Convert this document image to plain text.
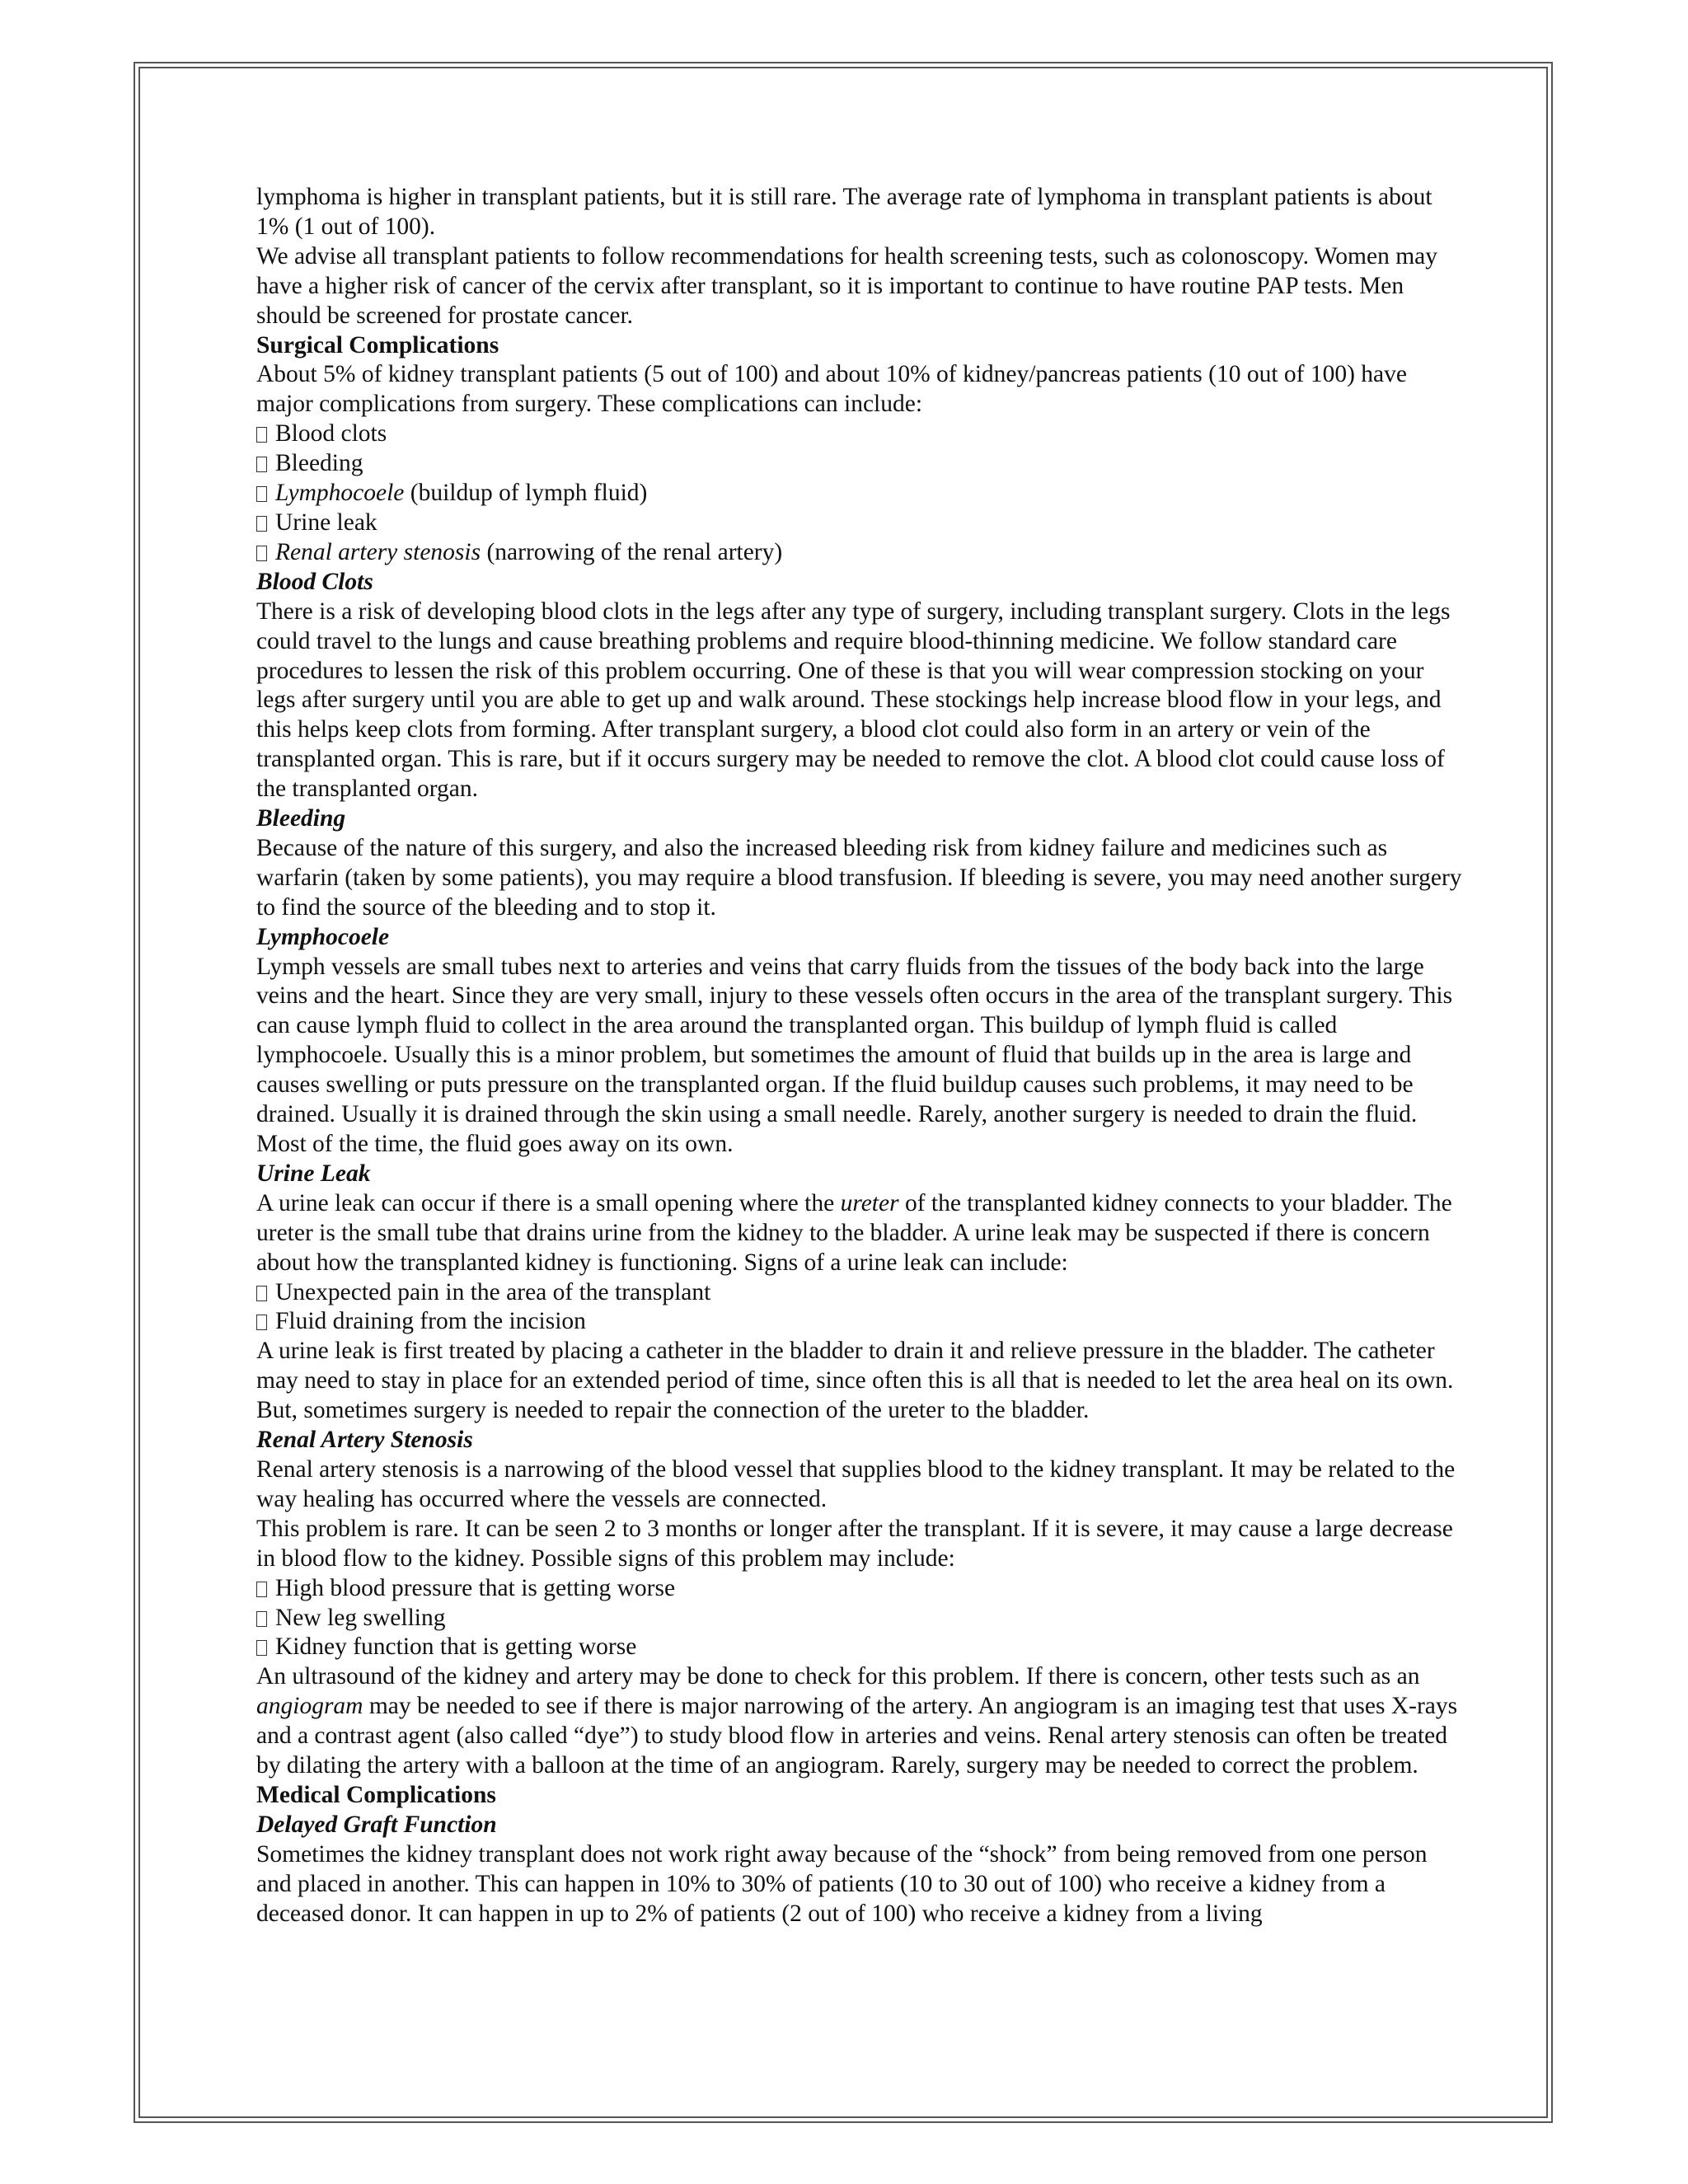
lymphoma is higher in transplant patients, but it is still rare. The average rate of lymphoma in transplant patients is about 1% (1 out of 100).

We advise all transplant patients to follow recommendations for health screening tests, such as colonoscopy. Women may have a higher risk of cancer of the cervix after transplant, so it is important to continue to have routine PAP tests. Men should be screened for prostate cancer.

Surgical Complications

About 5% of kidney transplant patients (5 out of 100) and about 10% of kidney/pancreas patients (10 out of 100) have major complications from surgery. These complications can include:

Blood clots

Bleeding

Lymphocoele (buildup of lymph fluid)

Urine leak

Renal artery stenosis (narrowing of the renal artery)

Blood Clots

There is a risk of developing blood clots in the legs after any type of surgery, including transplant surgery. Clots in the legs could travel to the lungs and cause breathing problems and require blood-thinning medicine. We follow standard care procedures to lessen the risk of this problem occurring. One of these is that you will wear compression stocking on your legs after surgery until you are able to get up and walk around. These stockings help increase blood flow in your legs, and this helps keep clots from forming. After transplant surgery, a blood clot could also form in an artery or vein of the transplanted organ. This is rare, but if it occurs surgery may be needed to remove the clot. A blood clot could cause loss of the transplanted organ.

Bleeding

Because of the nature of this surgery, and also the increased bleeding risk from kidney failure and medicines such as warfarin (taken by some patients), you may require a blood transfusion. If bleeding is severe, you may need another surgery to find the source of the bleeding and to stop it.

Lymphocoele

Lymph vessels are small tubes next to arteries and veins that carry fluids from the tissues of the body back into the large veins and the heart. Since they are very small, injury to these vessels often occurs in the area of the transplant surgery. This can cause lymph fluid to collect in the area around the transplanted organ. This buildup of lymph fluid is called lymphocoele. Usually this is a minor problem, but sometimes the amount of fluid that builds up in the area is large and causes swelling or puts pressure on the transplanted organ. If the fluid buildup causes such problems, it may need to be drained. Usually it is drained through the skin using a small needle. Rarely, another surgery is needed to drain the fluid. Most of the time, the fluid goes away on its own.

Urine Leak

A urine leak can occur if there is a small opening where the ureter of the transplanted kidney connects to your bladder. The ureter is the small tube that drains urine from the kidney to the bladder. A urine leak may be suspected if there is concern about how the transplanted kidney is functioning. Signs of a urine leak can include:

Unexpected pain in the area of the transplant

Fluid draining from the incision

A urine leak is first treated by placing a catheter in the bladder to drain it and relieve pressure in the bladder. The catheter may need to stay in place for an extended period of time, since often this is all that is needed to let the area heal on its own. But, sometimes surgery is needed to repair the connection of the ureter to the bladder.

Renal Artery Stenosis

Renal artery stenosis is a narrowing of the blood vessel that supplies blood to the kidney transplant. It may be related to the way healing has occurred where the vessels are connected.

This problem is rare. It can be seen 2 to 3 months or longer after the transplant. If it is severe, it may cause a large decrease in blood flow to the kidney. Possible signs of this problem may include:

High blood pressure that is getting worse

New leg swelling

Kidney function that is getting worse

An ultrasound of the kidney and artery may be done to check for this problem. If there is concern, other tests such as an angiogram may be needed to see if there is major narrowing of the artery. An angiogram is an imaging test that uses X-rays and a contrast agent (also called “dye”) to study blood flow in arteries and veins. Renal artery stenosis can often be treated by dilating the artery with a balloon at the time of an angiogram. Rarely, surgery may be needed to correct the problem.

Medical Complications

Delayed Graft Function

Sometimes the kidney transplant does not work right away because of the “shock” from being removed from one person and placed in another. This can happen in 10% to 30% of patients (10 to 30 out of 100) who receive a kidney from a deceased donor. It can happen in up to 2% of patients (2 out of 100) who receive a kidney from a living
